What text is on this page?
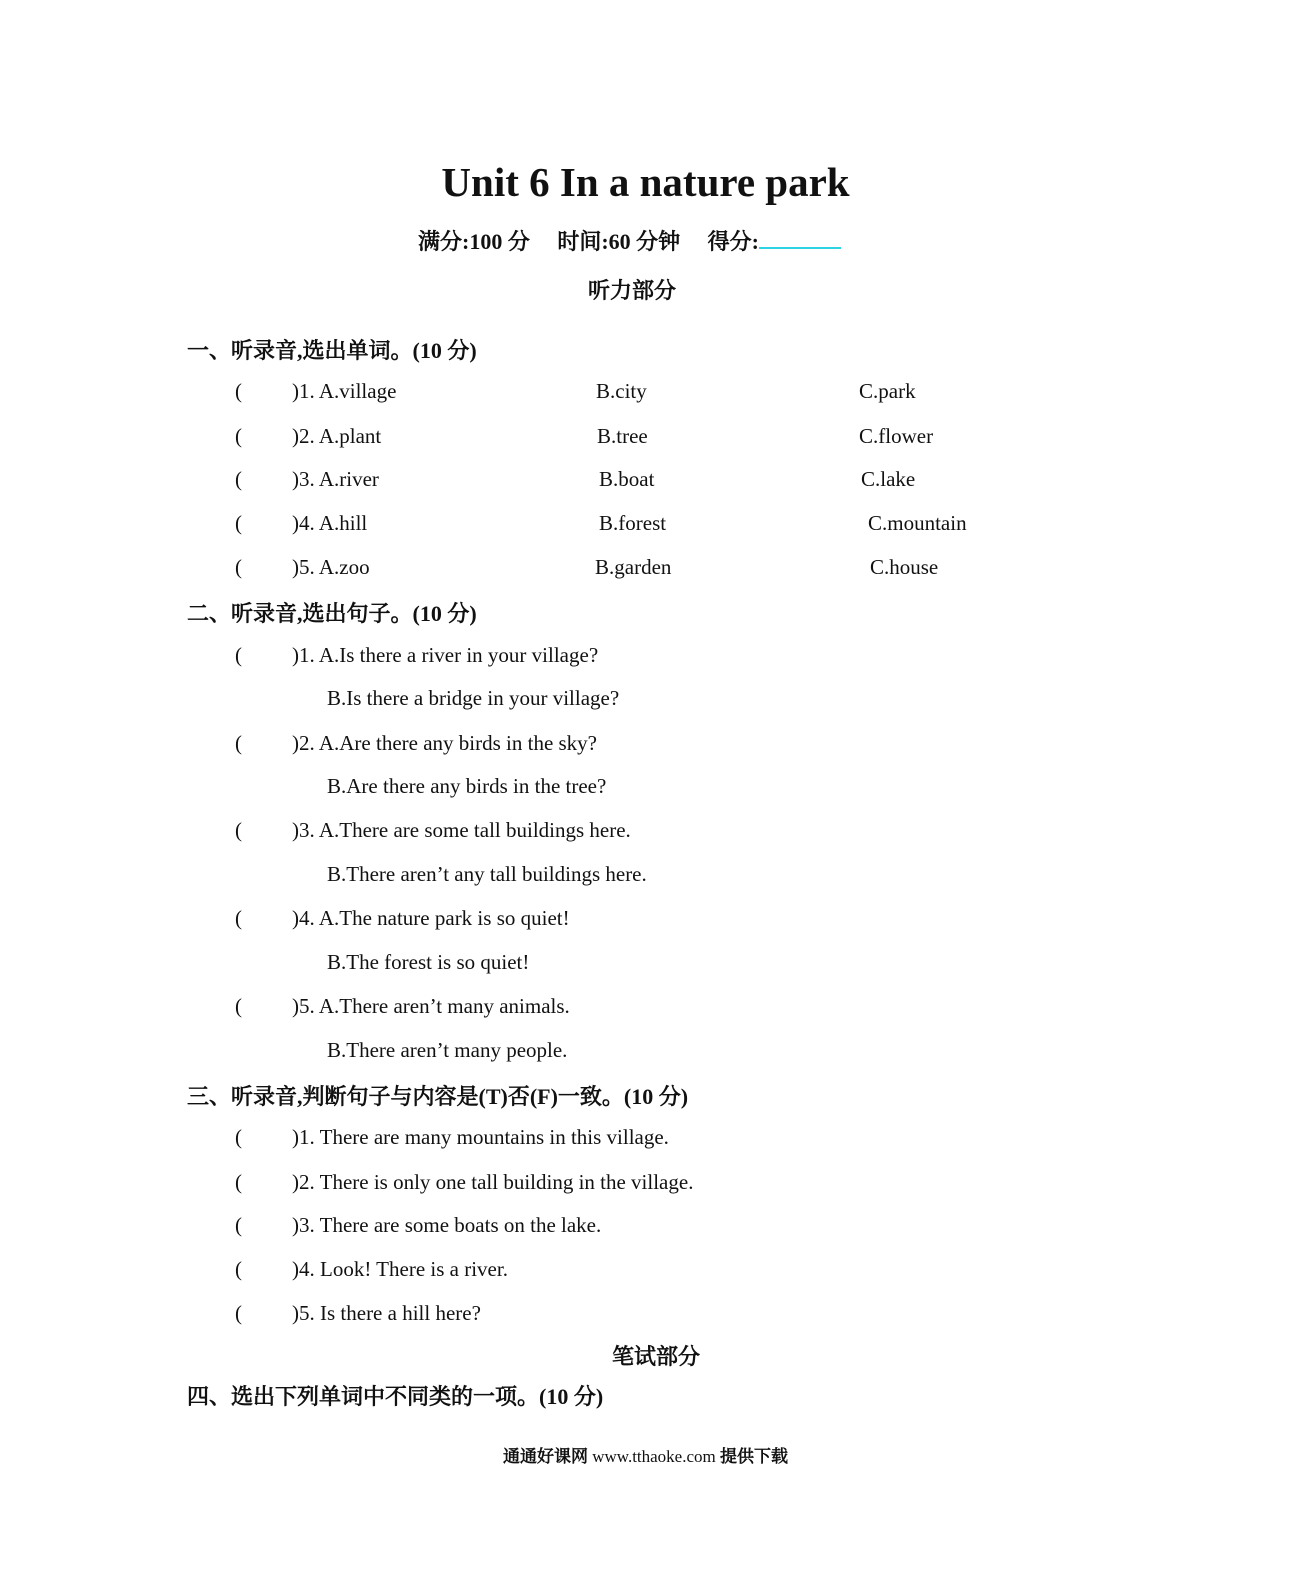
Unit 6 In a nature park
满分:100 分 时间:60 分钟 得分:
听力部分
一、听录音,选出单词。(10 分)
( )1. A.village	B.city	C.park
( )2. A.plant	B.tree	C.flower
( )3. A.river	B.boat	C.lake
( )4. A.hill	B.forest	C.mountain
( )5. A.zoo	B.garden	C.house
二、听录音,选出句子。(10 分)
( )1. A.Is there a river in your village?
B.Is there a bridge in your village?
( )2. A.Are there any birds in the sky?
B.Are there any birds in the tree?
( )3. A.There are some tall buildings here.
B.There aren’t any tall buildings here.
( )4. A.The nature park is so quiet!
B.The forest is so quiet!
( )5. A.There aren’t many animals.
B.There aren’t many people.
三、听录音,判断句子与内容是(T)否(F)一致。(10 分)
( )1. There are many mountains in this village.
( )2. There is only one tall building in the village.
( )3. There are some boats on the lake.
( )4. Look! There is a river.
( )5. Is there a hill here?
笔试部分
四、选出下列单词中不同类的一项。(10 分)
通通好课网 www.tthaoke.com 提供下载
